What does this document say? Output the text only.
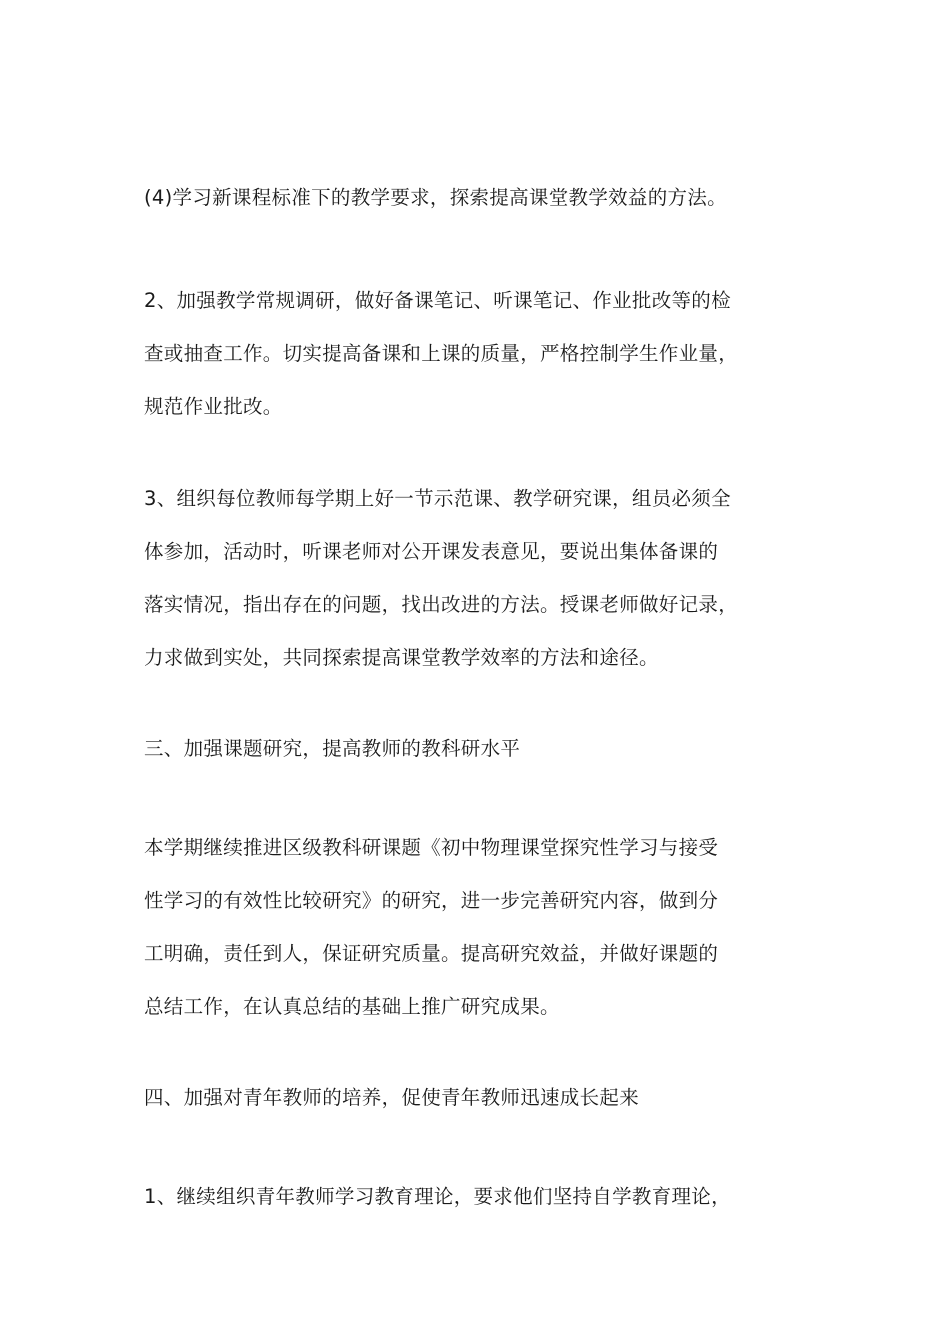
(4)学习新课程标准下的教学要求，探索提高课堂教学效益的方法。

2、加强教学常规调研，做好备课笔记、听课笔记、作业批改等的检
查或抽查工作。切实提高备课和上课的质量，严格控制学生作业量，
规范作业批改。

3、组织每位教师每学期上好一节示范课、教学研究课，组员必须全
体参加，活动时，听课老师对公开课发表意见，要说出集体备课的
落实情况，指出存在的问题，找出改进的方法。授课老师做好记录，
力求做到实处，共同探索提高课堂教学效率的方法和途径。

三、加强课题研究，提高教师的教科研水平

本学期继续推进区级教科研课题《初中物理课堂探究性学习与接受
性学习的有效性比较研究》的研究，进一步完善研究内容，做到分
工明确，责任到人，保证研究质量。提高研究效益，并做好课题的
总结工作，在认真总结的基础上推广研究成果。

四、加强对青年教师的培养，促使青年教师迅速成长起来

1、继续组织青年教师学习教育理论，要求他们坚持自学教育理论，
